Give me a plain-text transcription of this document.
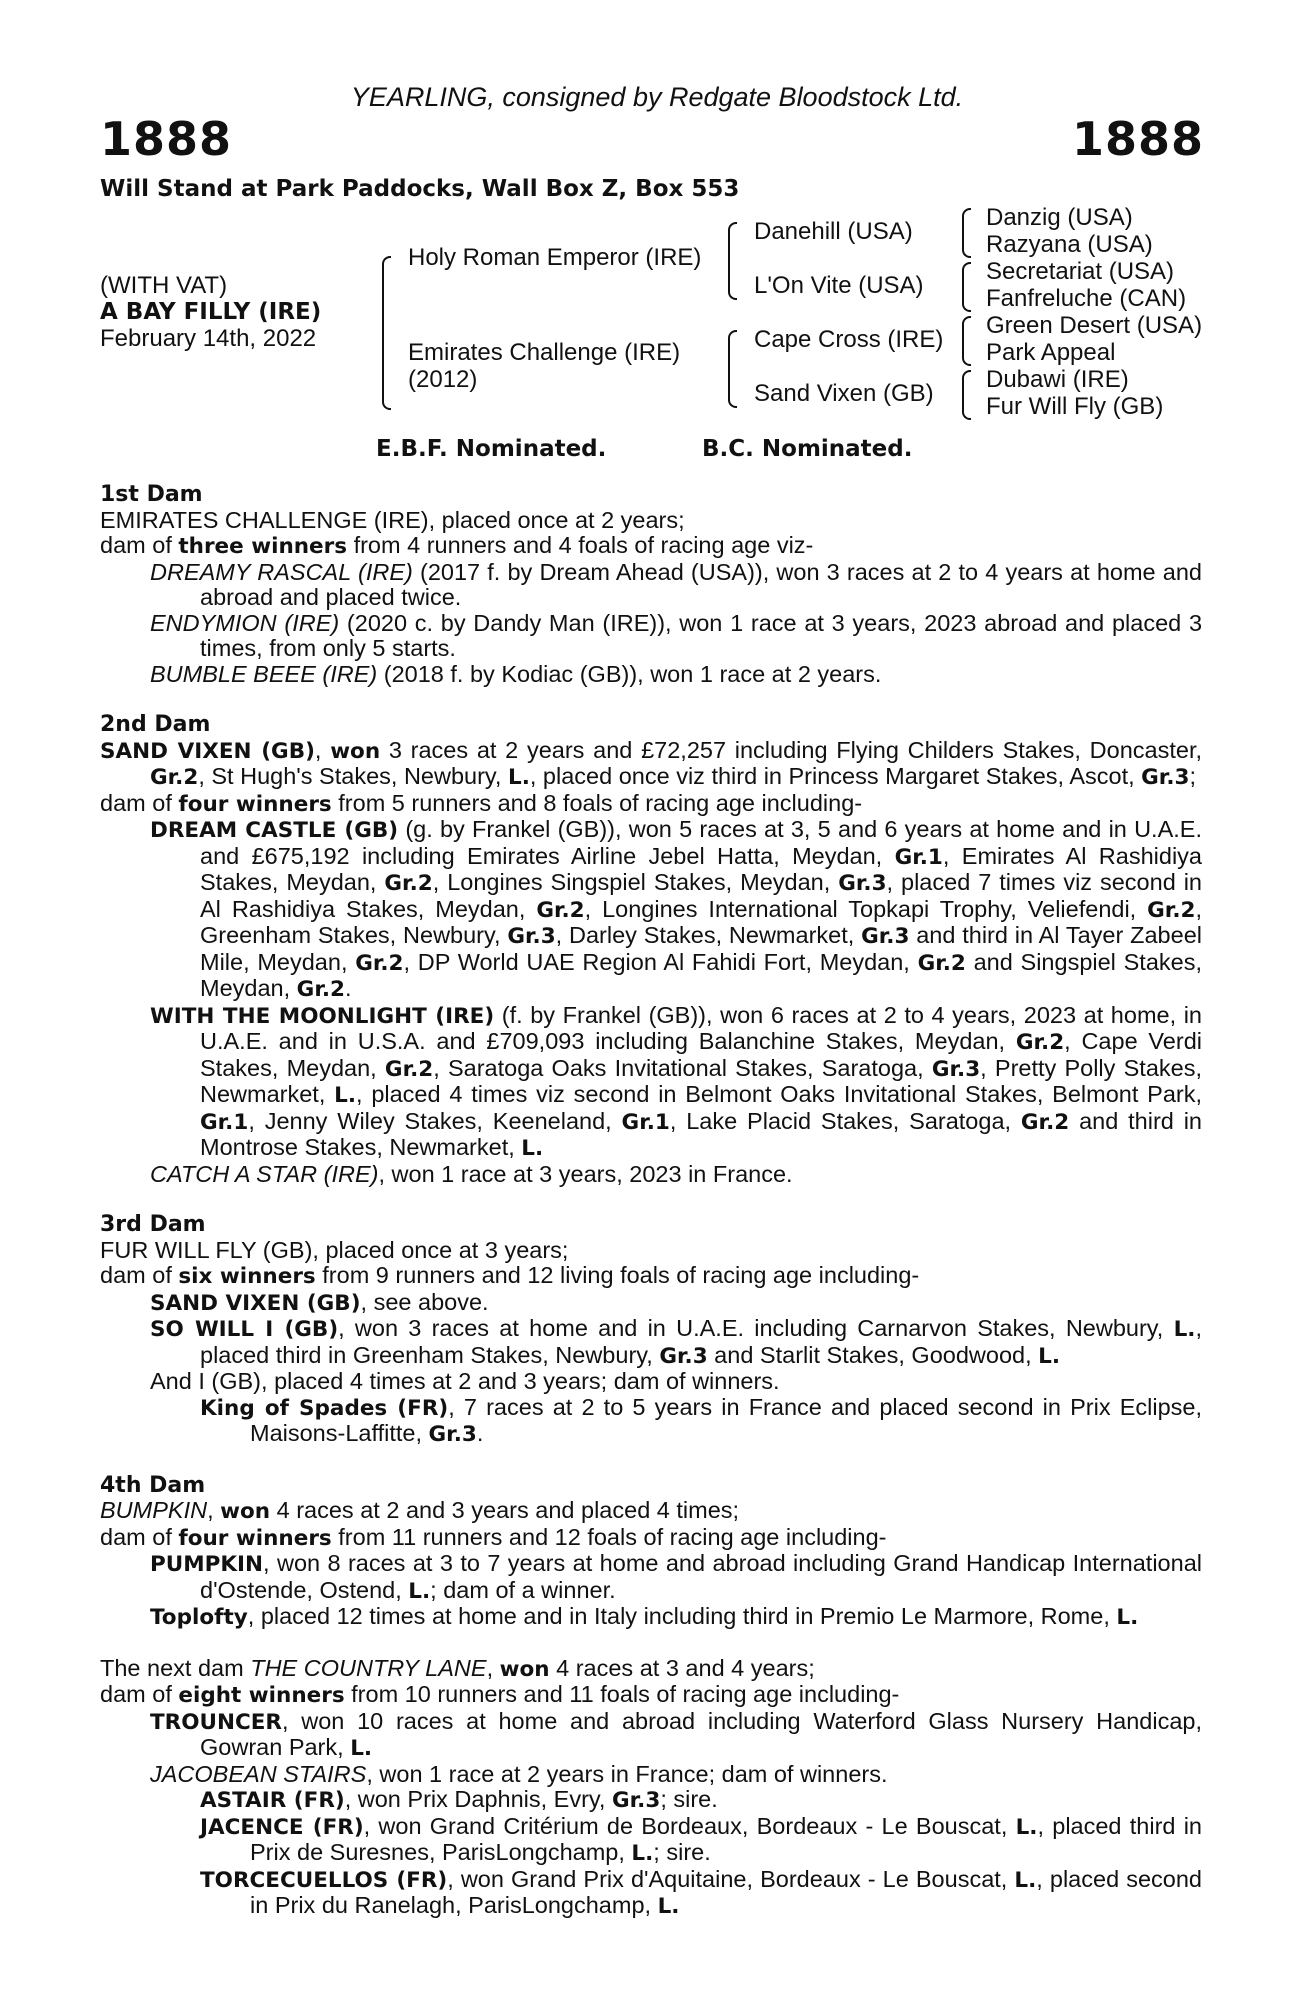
YEARLING, consigned by Redgate Bloodstock Ltd.
1888	1888
Will Stand at Park Paddocks, Wall Box Z, Box 553
(WITH VAT)
A BAY FILLY (IRE)
February 14th, 2022
Holy Roman Emperor (IRE)
Emirates Challenge (IRE)
(2012)
Danehill (USA)
L'On Vite (USA)
Cape Cross (IRE)
Sand Vixen (GB)
Danzig (USA)
Razyana (USA)
Secretariat (USA)
Fanfreluche (CAN)
Green Desert (USA)
Park Appeal
Dubawi (IRE)
Fur Will Fly (GB)
E.B.F. Nominated.	B.C. Nominated.
1st Dam

EMIRATES CHALLENGE (IRE), placed once at 2 years;

dam of three winners from 4 runners and 4 foals of racing age viz-

DREAMY RASCAL (IRE) (2017 f. by Dream Ahead (USA)), won 3 races at 2 to 4 years at home and abroad and placed twice.

ENDYMION (IRE) (2020 c. by Dandy Man (IRE)), won 1 race at 3 years, 2023 abroad and placed 3 times, from only 5 starts.

BUMBLE BEEE (IRE) (2018 f. by Kodiac (GB)), won 1 race at 2 years.

2nd Dam

SAND VIXEN (GB), won 3 races at 2 years and £72,257 including Flying Childers Stakes, Doncaster, Gr.2, St Hugh's Stakes, Newbury, L., placed once viz third in Princess Margaret Stakes, Ascot, Gr.3;

dam of four winners from 5 runners and 8 foals of racing age including-

DREAM CASTLE (GB) (g. by Frankel (GB)), won 5 races at 3, 5 and 6 years at home and in U.A.E. and £675,192 including Emirates Airline Jebel Hatta, Meydan, Gr.1, Emirates Al Rashidiya Stakes, Meydan, Gr.2, Longines Singspiel Stakes, Meydan, Gr.3, placed 7 times viz second in Al Rashidiya Stakes, Meydan, Gr.2, Longines International Topkapi Trophy, Veliefendi, Gr.2, Greenham Stakes, Newbury, Gr.3, Darley Stakes, Newmarket, Gr.3 and third in Al Tayer Zabeel Mile, Meydan, Gr.2, DP World UAE Region Al Fahidi Fort, Meydan, Gr.2 and Singspiel Stakes, Meydan, Gr.2.

WITH THE MOONLIGHT (IRE) (f. by Frankel (GB)), won 6 races at 2 to 4 years, 2023 at home, in U.A.E. and in U.S.A. and £709,093 including Balanchine Stakes, Meydan, Gr.2, Cape Verdi Stakes, Meydan, Gr.2, Saratoga Oaks Invitational Stakes, Saratoga, Gr.3, Pretty Polly Stakes, Newmarket, L., placed 4 times viz second in Belmont Oaks Invitational Stakes, Belmont Park, Gr.1, Jenny Wiley Stakes, Keeneland, Gr.1, Lake Placid Stakes, Saratoga, Gr.2 and third in Montrose Stakes, Newmarket, L.

CATCH A STAR (IRE), won 1 race at 3 years, 2023 in France.

3rd Dam

FUR WILL FLY (GB), placed once at 3 years;

dam of six winners from 9 runners and 12 living foals of racing age including-

SAND VIXEN (GB), see above.

SO WILL I (GB), won 3 races at home and in U.A.E. including Carnarvon Stakes, Newbury, L., placed third in Greenham Stakes, Newbury, Gr.3 and Starlit Stakes, Goodwood, L.

And I (GB), placed 4 times at 2 and 3 years; dam of winners.

King of Spades (FR), 7 races at 2 to 5 years in France and placed second in Prix Eclipse, Maisons-Laffitte, Gr.3.

4th Dam

BUMPKIN, won 4 races at 2 and 3 years and placed 4 times;

dam of four winners from 11 runners and 12 foals of racing age including-

PUMPKIN, won 8 races at 3 to 7 years at home and abroad including Grand Handicap International d'Ostende, Ostend, L.; dam of a winner.

Toplofty, placed 12 times at home and in Italy including third in Premio Le Marmore, Rome, L.

The next dam THE COUNTRY LANE, won 4 races at 3 and 4 years;

dam of eight winners from 10 runners and 11 foals of racing age including-

TROUNCER, won 10 races at home and abroad including Waterford Glass Nursery Handicap, Gowran Park, L.

JACOBEAN STAIRS, won 1 race at 2 years in France; dam of winners.

ASTAIR (FR), won Prix Daphnis, Evry, Gr.3; sire.

JACENCE (FR), won Grand Critérium de Bordeaux, Bordeaux - Le Bouscat, L., placed third in Prix de Suresnes, ParisLongchamp, L.; sire.

TORCECUELLOS (FR), won Grand Prix d'Aquitaine, Bordeaux - Le Bouscat, L., placed second in Prix du Ranelagh, ParisLongchamp, L.
